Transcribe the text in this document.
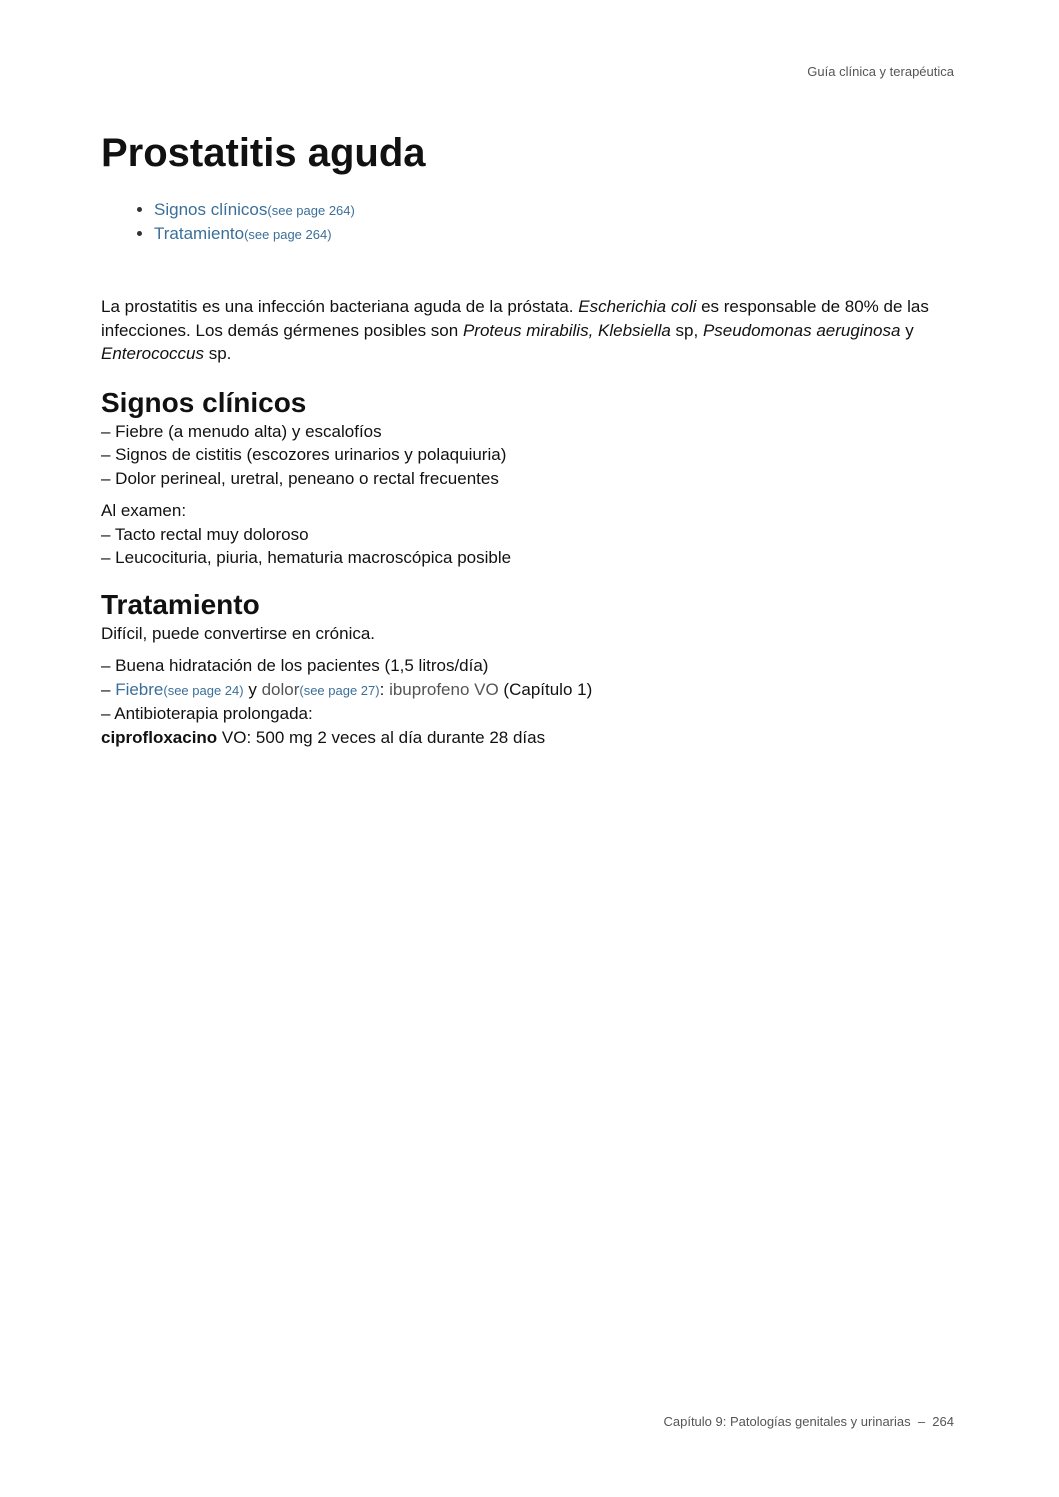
Guía clínica y terapéutica
Prostatitis aguda
• Signos clínicos(see page 264)
• Tratamiento(see page 264)

La prostatitis es una infección bacteriana aguda de la próstata. Escherichia coli es responsable de 80% de las infecciones. Los demás gérmenes posibles son Proteus mirabilis, Klebsiella sp, Pseudomonas aeruginosa y Enterococcus sp.

Signos clínicos
– Fiebre (a menudo alta) y escalofíos
– Signos de cistitis (escozores urinarios y polaquiuria)
– Dolor perineal, uretral, peneano o rectal frecuentes
Al examen:
– Tacto rectal muy doloroso
– Leucocituria, piuria, hematuria macroscópica posible
Tratamiento
Difícil, puede convertirse en crónica.
– Buena hidratación de los pacientes (1,5 litros/día)
– Fiebre(see page 24) y dolor(see page 27): ibuprofeno VO (Capítulo 1)
– Antibioterapia prolongada:
ciprofloxacino VO: 500 mg 2 veces al día durante 28 días
Capítulo 9: Patologías genitales y urinarias  –  264
